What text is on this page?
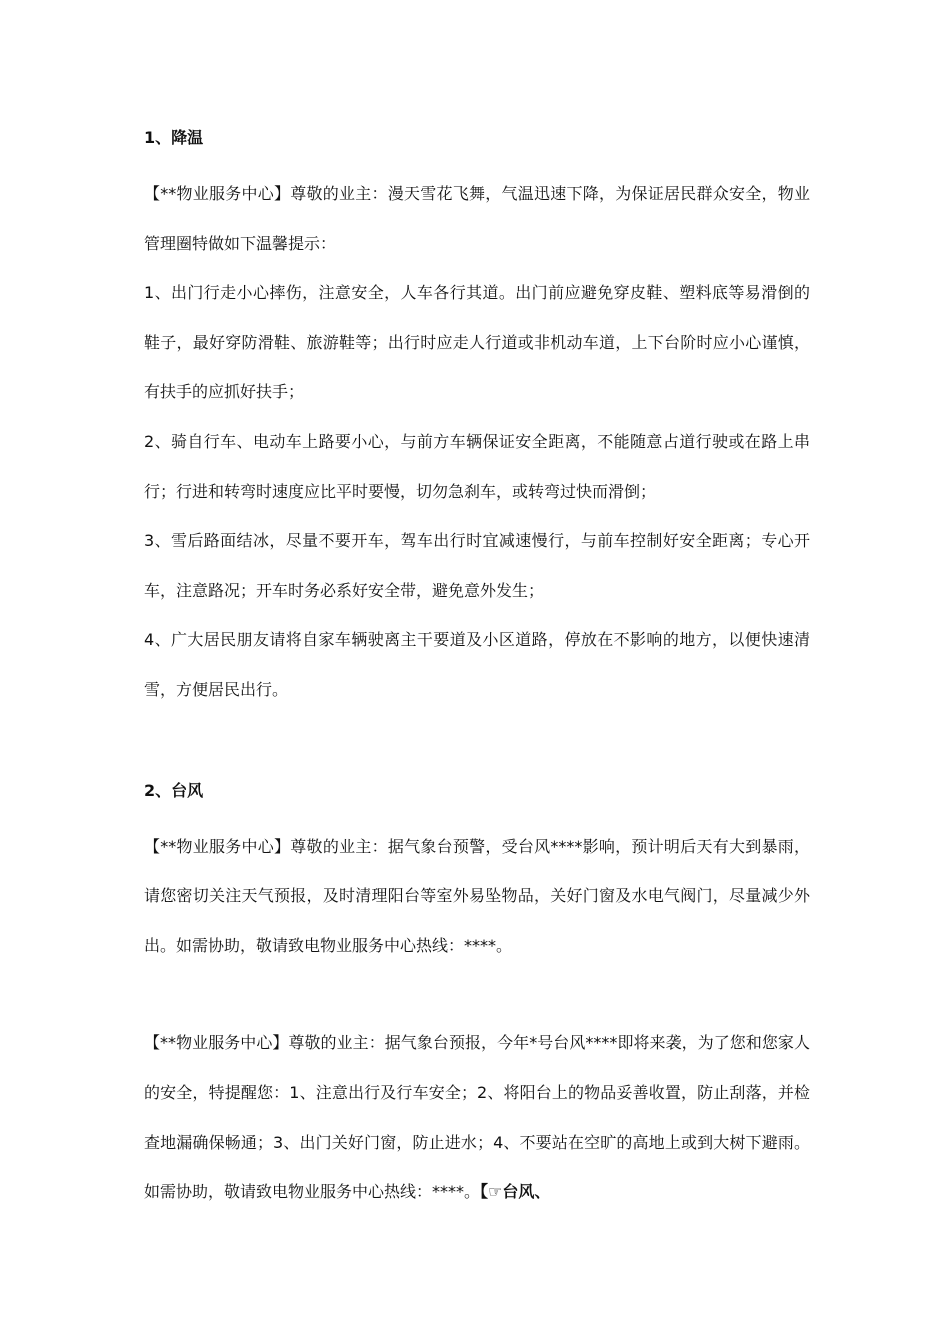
1、降温

【**物业服务中心】尊敬的业主：漫天雪花飞舞，气温迅速下降，为保证居民群众安全，物业管理圈特做如下温馨提示：

1、出门行走小心摔伤，注意安全，人车各行其道。出门前应避免穿皮鞋、塑料底等易滑倒的鞋子，最好穿防滑鞋、旅游鞋等；出行时应走人行道或非机动车道，上下台阶时应小心谨慎，有扶手的应抓好扶手；

2、骑自行车、电动车上路要小心，与前方车辆保证安全距离，不能随意占道行驶或在路上串行；行进和转弯时速度应比平时要慢，切勿急刹车，或转弯过快而滑倒；

3、雪后路面结冰，尽量不要开车，驾车出行时宜减速慢行，与前车控制好安全距离；专心开车，注意路况；开车时务必系好安全带，避免意外发生；

4、广大居民朋友请将自家车辆驶离主干要道及小区道路，停放在不影响的地方，以便快速清雪，方便居民出行。

2、台风

【**物业服务中心】尊敬的业主：据气象台预警，受台风****影响，预计明后天有大到暴雨，请您密切关注天气预报，及时清理阳台等室外易坠物品，关好门窗及水电气阀门，尽量减少外出。如需协助，敬请致电物业服务中心热线：****。

【**物业服务中心】尊敬的业主：据气象台预报，今年*号台风****即将来袭，为了您和您家人的安全，特提醒您：1、注意出行及行车安全；2、将阳台上的物品妥善收置，防止刮落，并检查地漏确保畅通；3、出门关好门窗，防止进水；4、不要站在空旷的高地上或到大树下避雨。如需协助，敬请致电物业服务中心热线：****。【☞台风、
